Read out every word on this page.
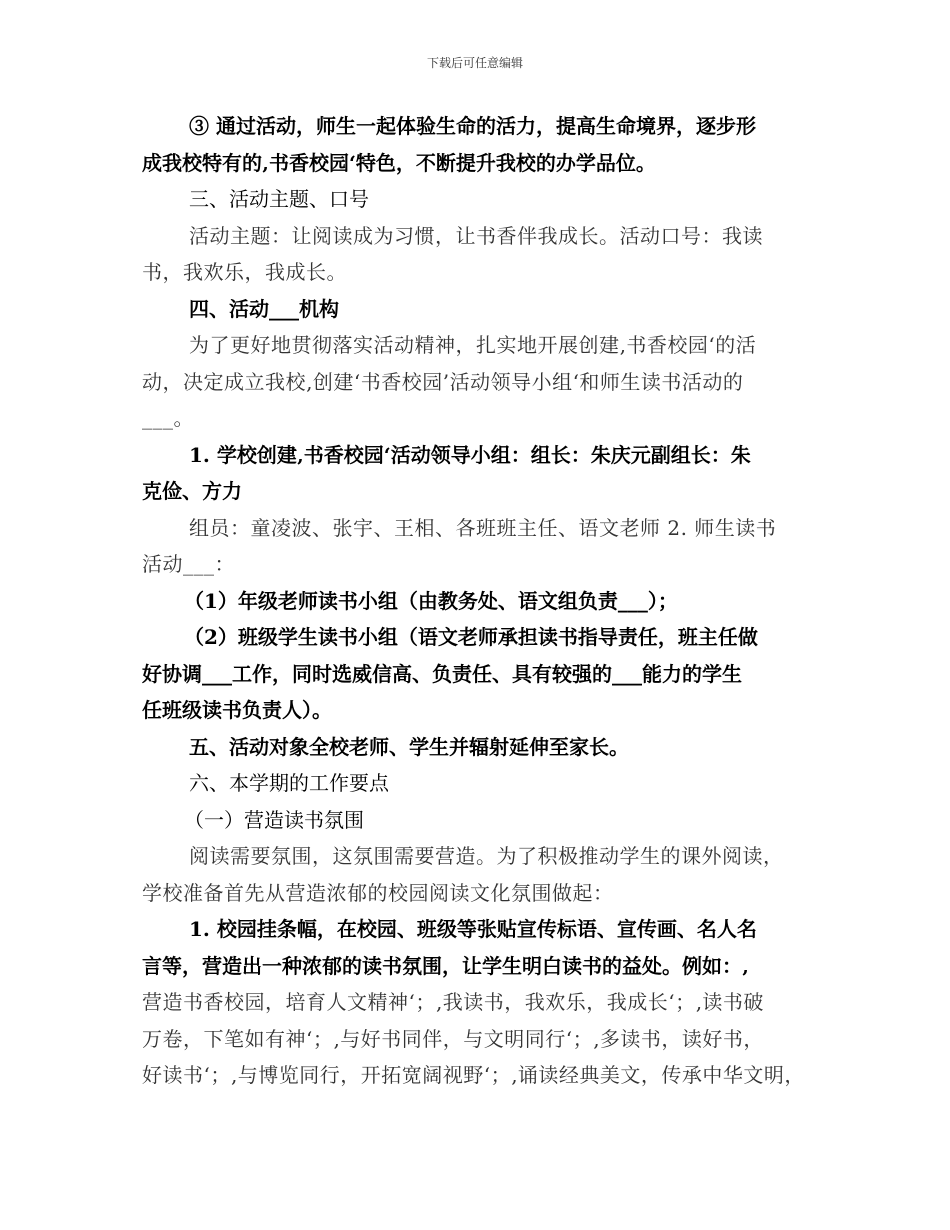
下载后可任意编辑

③ 通过活动，师生一起体验生命的活力，提高生命境界，逐步形

成我校特有的‚书香校园‘特色，不断提升我校的办学品位。

三、活动主题、口号

活动主题：让阅读成为习惯，让书香伴我成长。活动口号：我读

书，我欢乐，我成长。

四、活动___机构

为了更好地贯彻落实活动精神，扎实地开展创建‚书香校园‘的活

动，决定成立我校‚创建‘书香校园’活动领导小组‘和师生读书活动的

___。

1. 学校创建‚书香校园‘活动领导小组：组长：朱庆元副组长：朱

克俭、方力

组员：童凌波、张宇、王相、各班班主任、语文老师 2. 师生读书

活动___：

（1）年级老师读书小组（由教务处、语文组负责___）；

（2）班级学生读书小组（语文老师承担读书指导责任，班主任做

好协调___工作，同时选威信高、负责任、具有较强的___能力的学生

任班级读书负责人）。

五、活动对象全校老师、学生并辐射延伸至家长。

六、本学期的工作要点

（一）营造读书氛围

阅读需要氛围，这氛围需要营造。为了积极推动学生的课外阅读，

学校准备首先从营造浓郁的校园阅读文化氛围做起：

1. 校园挂条幅，在校园、班级等张贴宣传标语、宣传画、名人名

言等，营造出一种浓郁的读书氛围，让学生明白读书的益处。例如：‚

营造书香校园，培育人文精神‘；‚我读书，我欢乐，我成长‘；‚读书破

万卷，下笔如有神‘；‚与好书同伴，与文明同行‘；‚多读书，读好书，

好读书‘；‚与博览同行，开拓宽阔视野‘；‚诵读经典美文，传承中华文明，
